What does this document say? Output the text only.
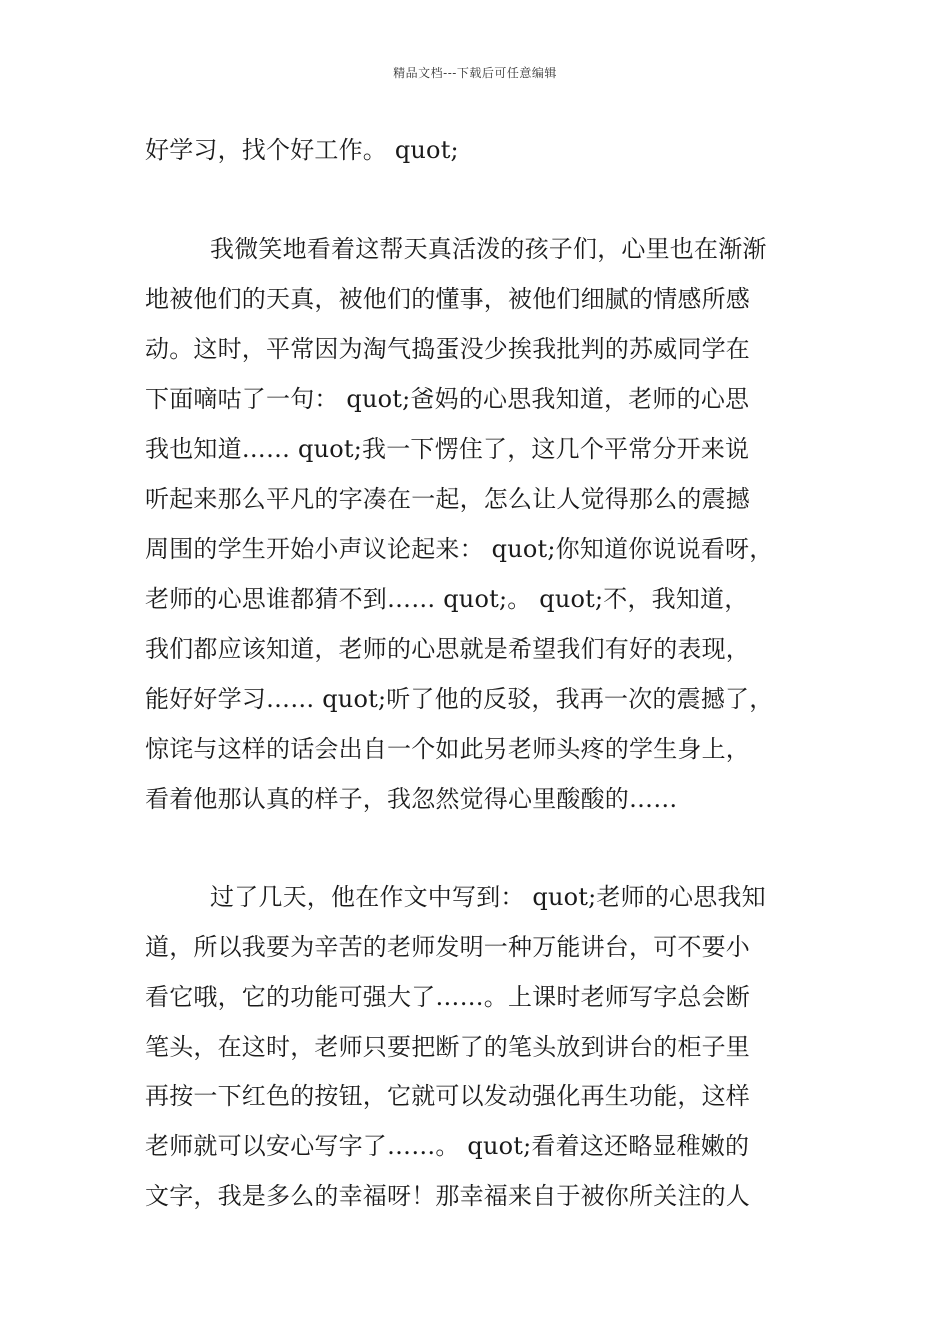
精品文档---下载后可任意编辑
好学习，找个好工作。 quot;
我微笑地看着这帮天真活泼的孩子们，心里也在渐渐
地被他们的天真，被他们的懂事，被他们细腻的情感所感
动。这时，平常因为淘气捣蛋没少挨我批判的苏威同学在
下面嘀咕了一句： quot;爸妈的心思我知道，老师的心思
我也知道…… quot;我一下愣住了，这几个平常分开来说
听起来那么平凡的字凑在一起，怎么让人觉得那么的震撼
周围的学生开始小声议论起来： quot;你知道你说说看呀，
老师的心思谁都猜不到…… quot;。 quot;不，我知道，
我们都应该知道，老师的心思就是希望我们有好的表现，
能好好学习…… quot;听了他的反驳，我再一次的震撼了，
惊诧与这样的话会出自一个如此另老师头疼的学生身上，
看着他那认真的样子，我忽然觉得心里酸酸的……
过了几天，他在作文中写到： quot;老师的心思我知
道，所以我要为辛苦的老师发明一种万能讲台，可不要小
看它哦，它的功能可强大了……。上课时老师写字总会断
笔头，在这时，老师只要把断了的笔头放到讲台的柜子里
再按一下红色的按钮，它就可以发动强化再生功能，这样
老师就可以安心写字了……。 quot;看着这还略显稚嫩的
文字，我是多么的幸福呀！那幸福来自于被你所关注的人
